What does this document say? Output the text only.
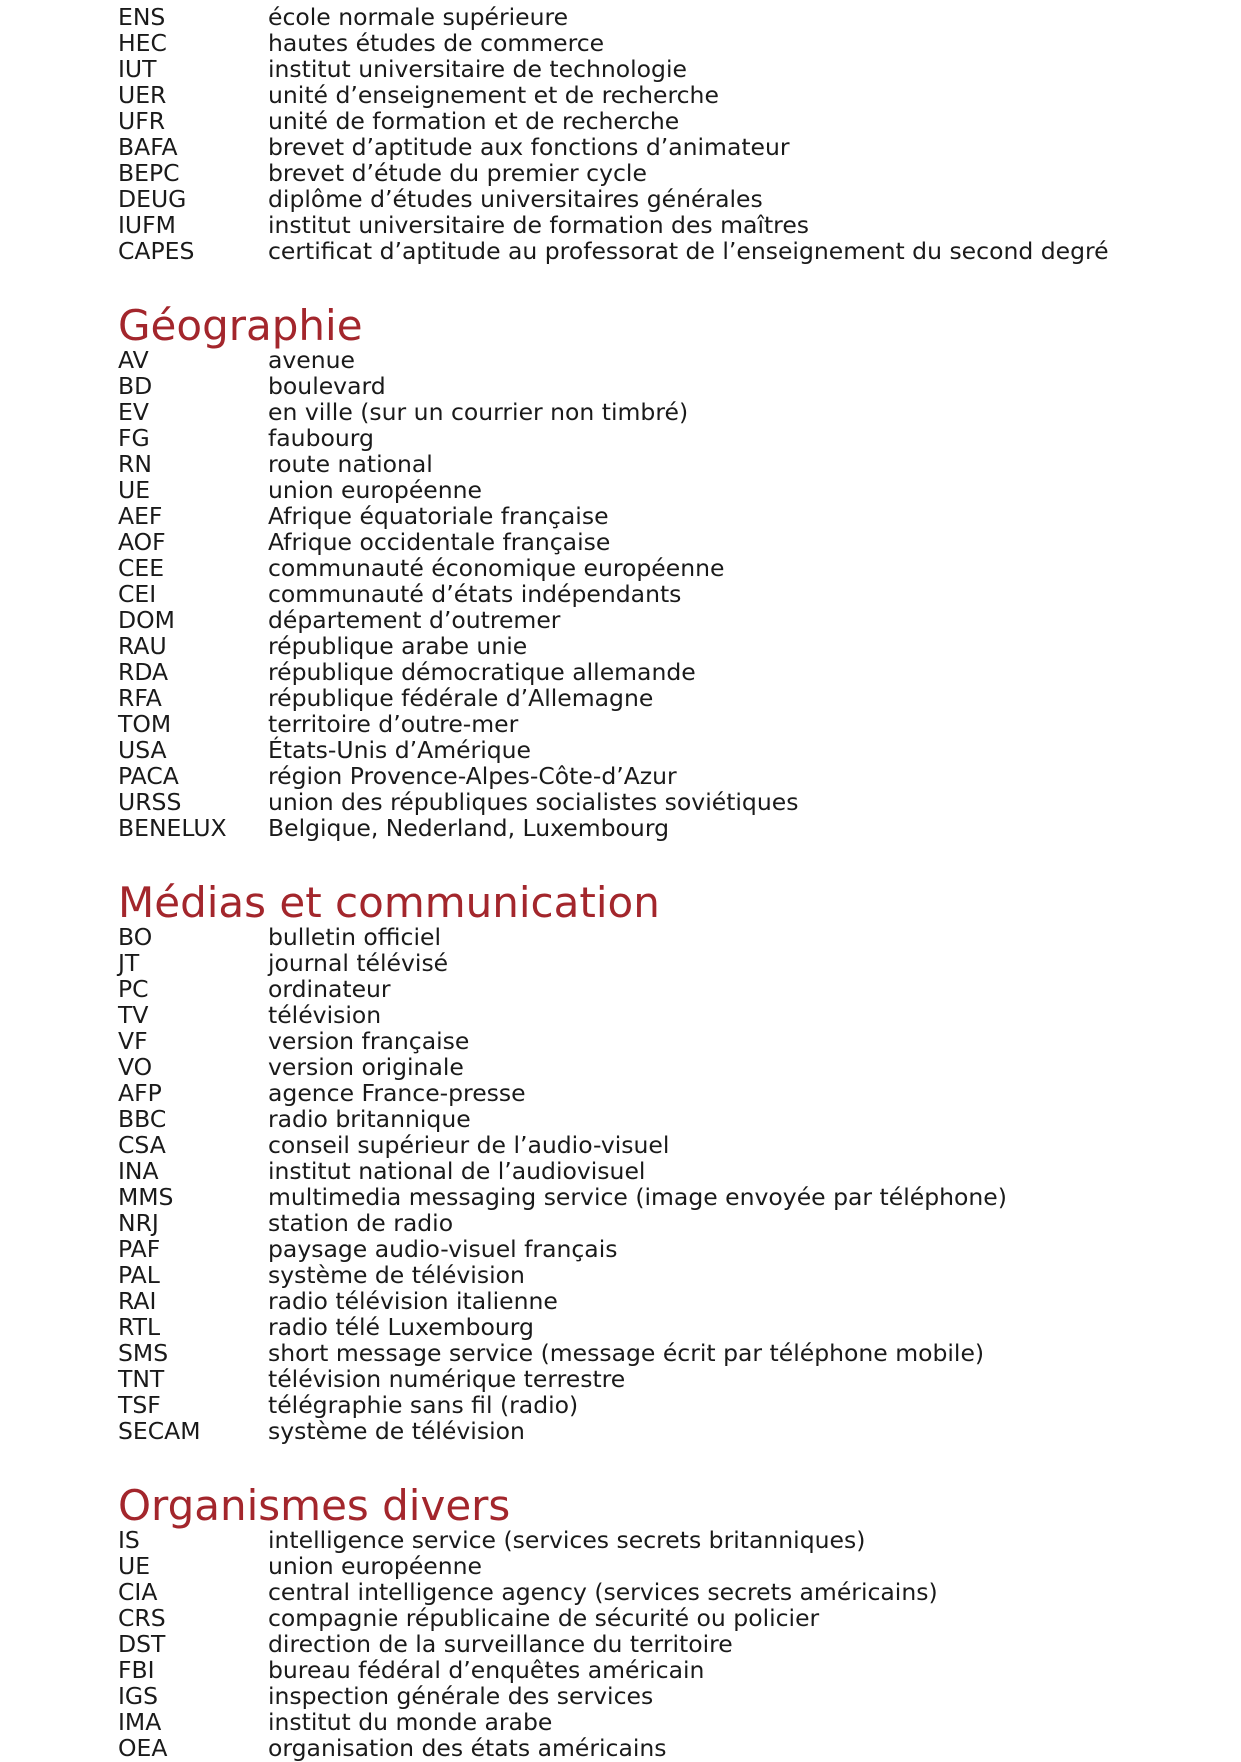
ENS	école normale supérieure
HEC	hautes études de commerce
IUT	institut universitaire de technologie
UER	unité d’enseignement et de recherche
UFR	unité de formation et de recherche
BAFA	brevet d’aptitude aux fonctions d’animateur
BEPC	brevet d’étude du premier cycle
DEUG	diplôme d’études universitaires générales
IUFM	institut universitaire de formation des maîtres
CAPES	certificat d’aptitude au professorat de l’enseignement du second degré
Géographie
AV	avenue
BD	boulevard
EV	en ville (sur un courrier non timbré)
FG	faubourg
RN	route national
UE	union européenne
AEF	Afrique équatoriale française
AOF	Afrique occidentale française
CEE	communauté économique européenne
CEI	communauté d’états indépendants
DOM	département d’outremer
RAU	république arabe unie
RDA	république démocratique allemande
RFA	république fédérale d’Allemagne
TOM	territoire d’outre-mer
USA	États-Unis d’Amérique
PACA	région Provence-Alpes-Côte-d’Azur
URSS	union des républiques socialistes soviétiques
BENELUX	Belgique, Nederland, Luxembourg
Médias et communication
BO	bulletin officiel
JT	journal télévisé
PC	ordinateur
TV	télévision
VF	version française
VO	version originale
AFP	agence France-presse
BBC	radio britannique
CSA	conseil supérieur de l’audio-visuel
INA	institut national de l’audiovisuel
MMS	multimedia messaging service (image envoyée par téléphone)
NRJ	station de radio
PAF	paysage audio-visuel français
PAL	système de télévision
RAI	radio télévision italienne
RTL	radio télé Luxembourg
SMS	short message service (message écrit par téléphone mobile)
TNT	télévision numérique terrestre
TSF	télégraphie sans fil (radio)
SECAM	système de télévision
Organismes divers
IS	intelligence service (services secrets britanniques)
UE	union européenne
CIA	central intelligence agency (services secrets américains)
CRS	compagnie républicaine de sécurité ou policier
DST	direction de la surveillance du territoire
FBI	bureau fédéral d’enquêtes américain
IGS	inspection générale des services
IMA	institut du monde arabe
OEA	organisation des états américains
